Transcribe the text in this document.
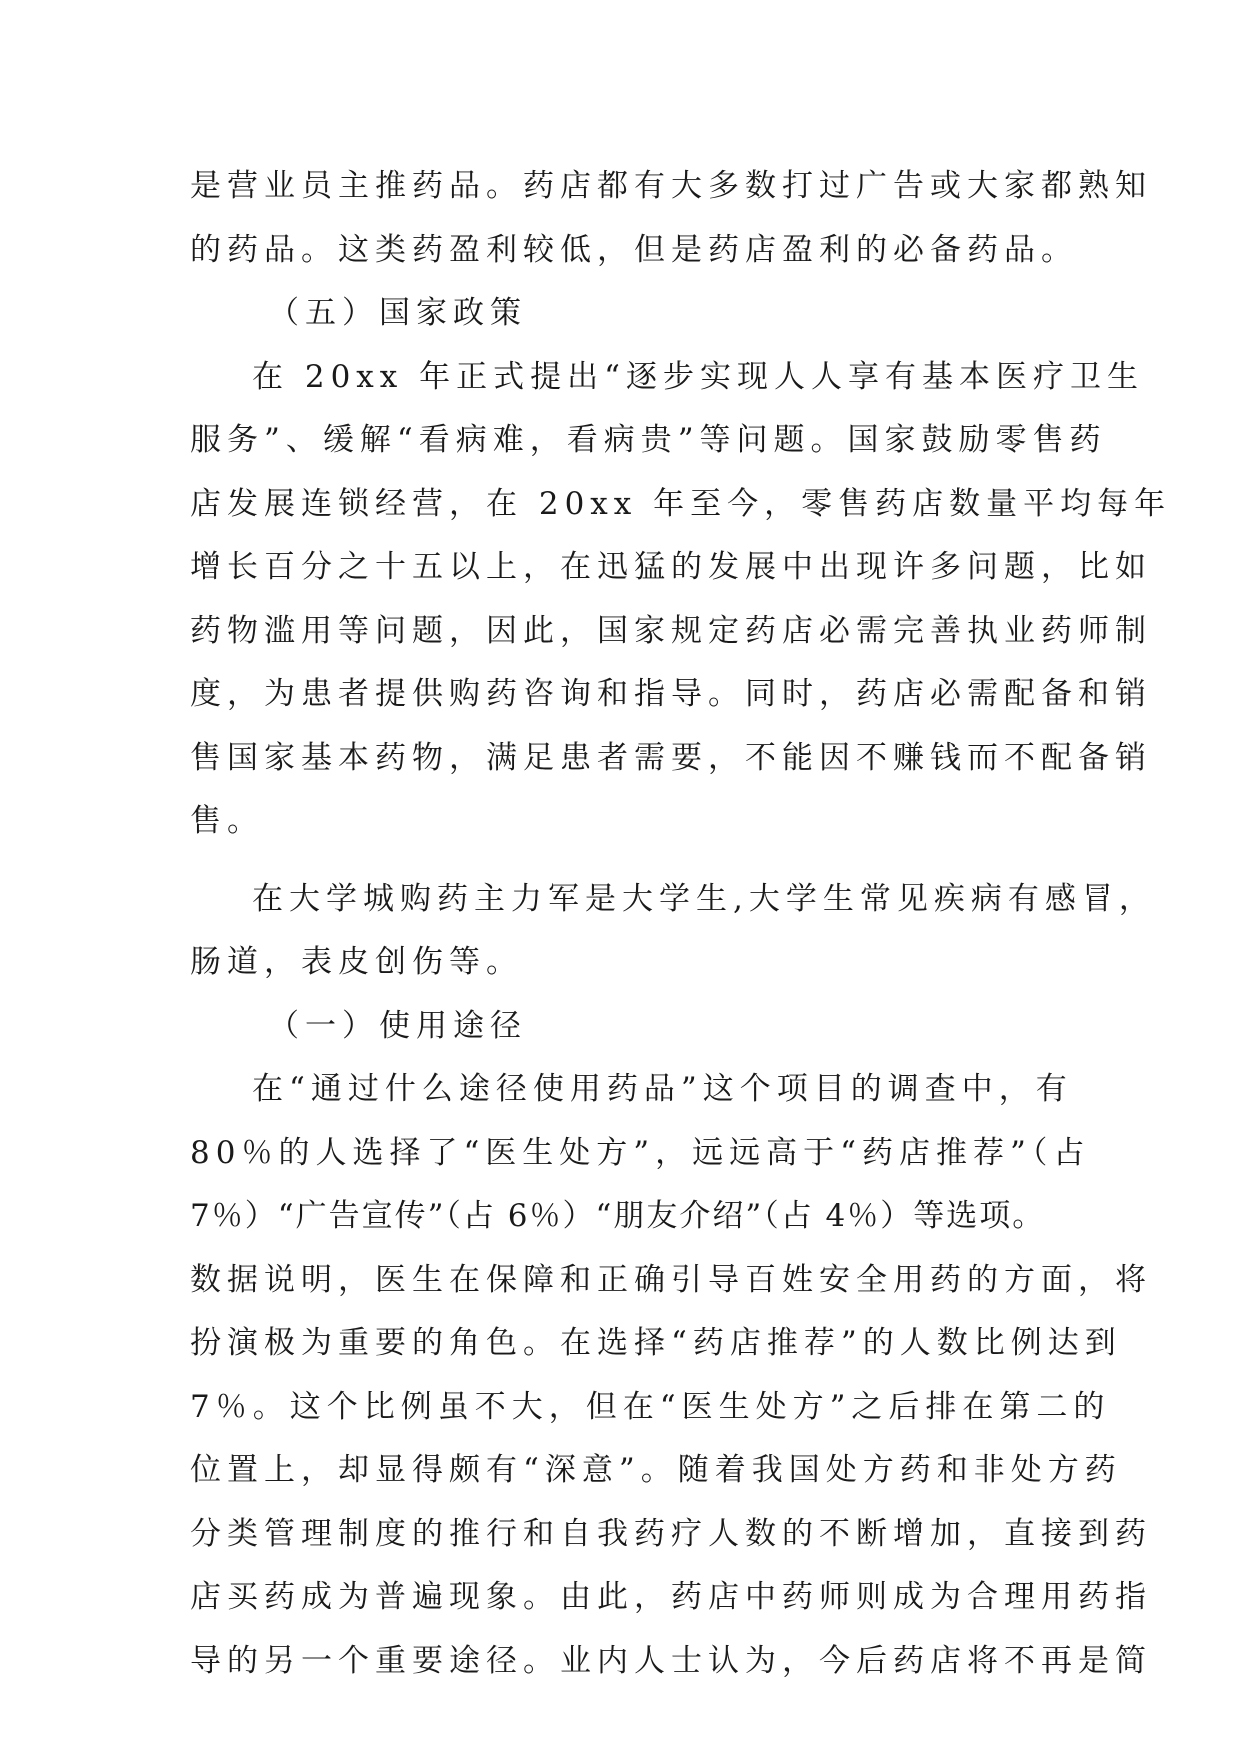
是营业员主推药品。药店都有大多数打过广告或大家都熟知
的药品。这类药盈利较低，但是药店盈利的必备药品。
（五）国家政策
在 20xx 年正式提出“逐步实现人人享有基本医疗卫生
服务”、缓解“看病难，看病贵”等问题。国家鼓励零售药
店发展连锁经营，在 20xx 年至今，零售药店数量平均每年
增长百分之十五以上，在迅猛的发展中出现许多问题，比如
药物滥用等问题，因此，国家规定药店必需完善执业药师制
度，为患者提供购药咨询和指导。同时，药店必需配备和销
售国家基本药物，满足患者需要，不能因不赚钱而不配备销
售。
在大学城购药主力军是大学生,大学生常见疾病有感冒，
肠道，表皮创伤等。
（一）使用途径
在“通过什么途径使用药品”这个项目的调查中，有
80％的人选择了“医生处方”，远远高于“药店推荐”（占
7％）“广告宣传”（占 6％）“朋友介绍”（占 4％）等选项。
数据说明，医生在保障和正确引导百姓安全用药的方面，将
扮演极为重要的角色。在选择“药店推荐”的人数比例达到
7％。这个比例虽不大，但在“医生处方”之后排在第二的
位置上，却显得颇有“深意”。随着我国处方药和非处方药
分类管理制度的推行和自我药疗人数的不断增加，直接到药
店买药成为普遍现象。由此，药店中药师则成为合理用药指
导的另一个重要途径。业内人士认为，今后药店将不再是简
